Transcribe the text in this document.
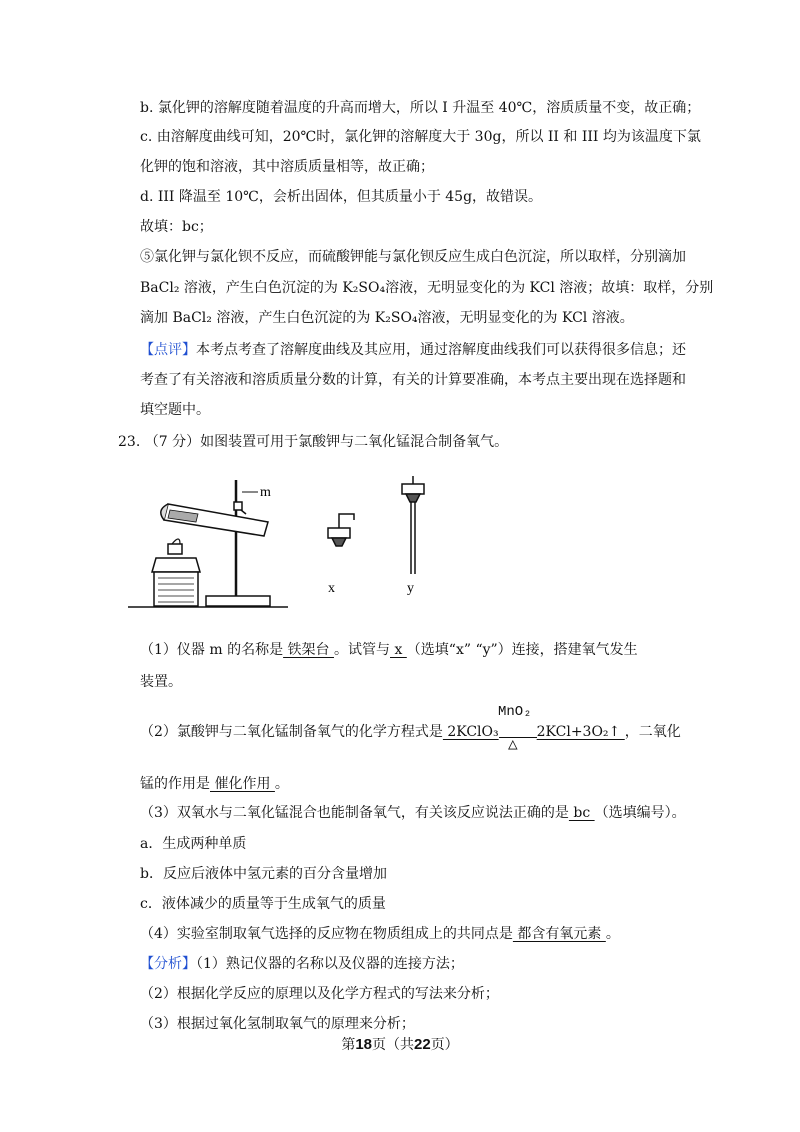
b. 氯化钾的溶解度随着温度的升高而增大，所以 I 升温至 40℃，溶质质量不变，故正确；
c. 由溶解度曲线可知，20℃时，氯化钾的溶解度大于 30g，所以 II 和 III 均为该温度下氯
化钾的饱和溶液，其中溶质质量相等，故正确；
d. III 降温至 10℃，会析出固体，但其质量小于 45g，故错误。
故填：bc；
⑤氯化钾与氯化钡不反应，而硫酸钾能与氯化钡反应生成白色沉淀，所以取样，分别滴加
BaCl₂ 溶液，产生白色沉淀的为 K₂SO₄溶液，无明显变化的为 KCl 溶液；故填：取样，分别
滴加 BaCl₂ 溶液，产生白色沉淀的为 K₂SO₄溶液，无明显变化的为 KCl 溶液。
【点评】本考点考查了溶解度曲线及其应用，通过溶解度曲线我们可以获得很多信息；还
考查了有关溶液和溶质质量分数的计算，有关的计算要准确，本考点主要出现在选择题和
填空题中。
23. （7 分）如图装置可用于氯酸钾与二氧化锰混合制备氧气。
m
x	y
（1）仪器 m 的名称是 铁架台 。试管与 x （选填“x” “y”）连接，搭建氧气发生
装置。
（2）氯酸钾与二氧化锰制备氧气的化学方程式是 2KClO₃	2KCl+3O₂↑ ，二氧化
MnO₂
△
锰的作用是 催化作用 。
（3）双氧水与二氧化锰混合也能制备氧气，有关该反应说法正确的是 bc （选填编号）。
a．生成两种单质
b．反应后液体中氢元素的百分含量增加
c．液体减少的质量等于生成氧气的质量
（4）实验室制取氧气选择的反应物在物质组成上的共同点是 都含有氧元素 。
【分析】（1）熟记仪器的名称以及仪器的连接方法；
（2）根据化学反应的原理以及化学方程式的写法来分析；
（3）根据过氧化氢制取氧气的原理来分析；
第18页（共22页）
